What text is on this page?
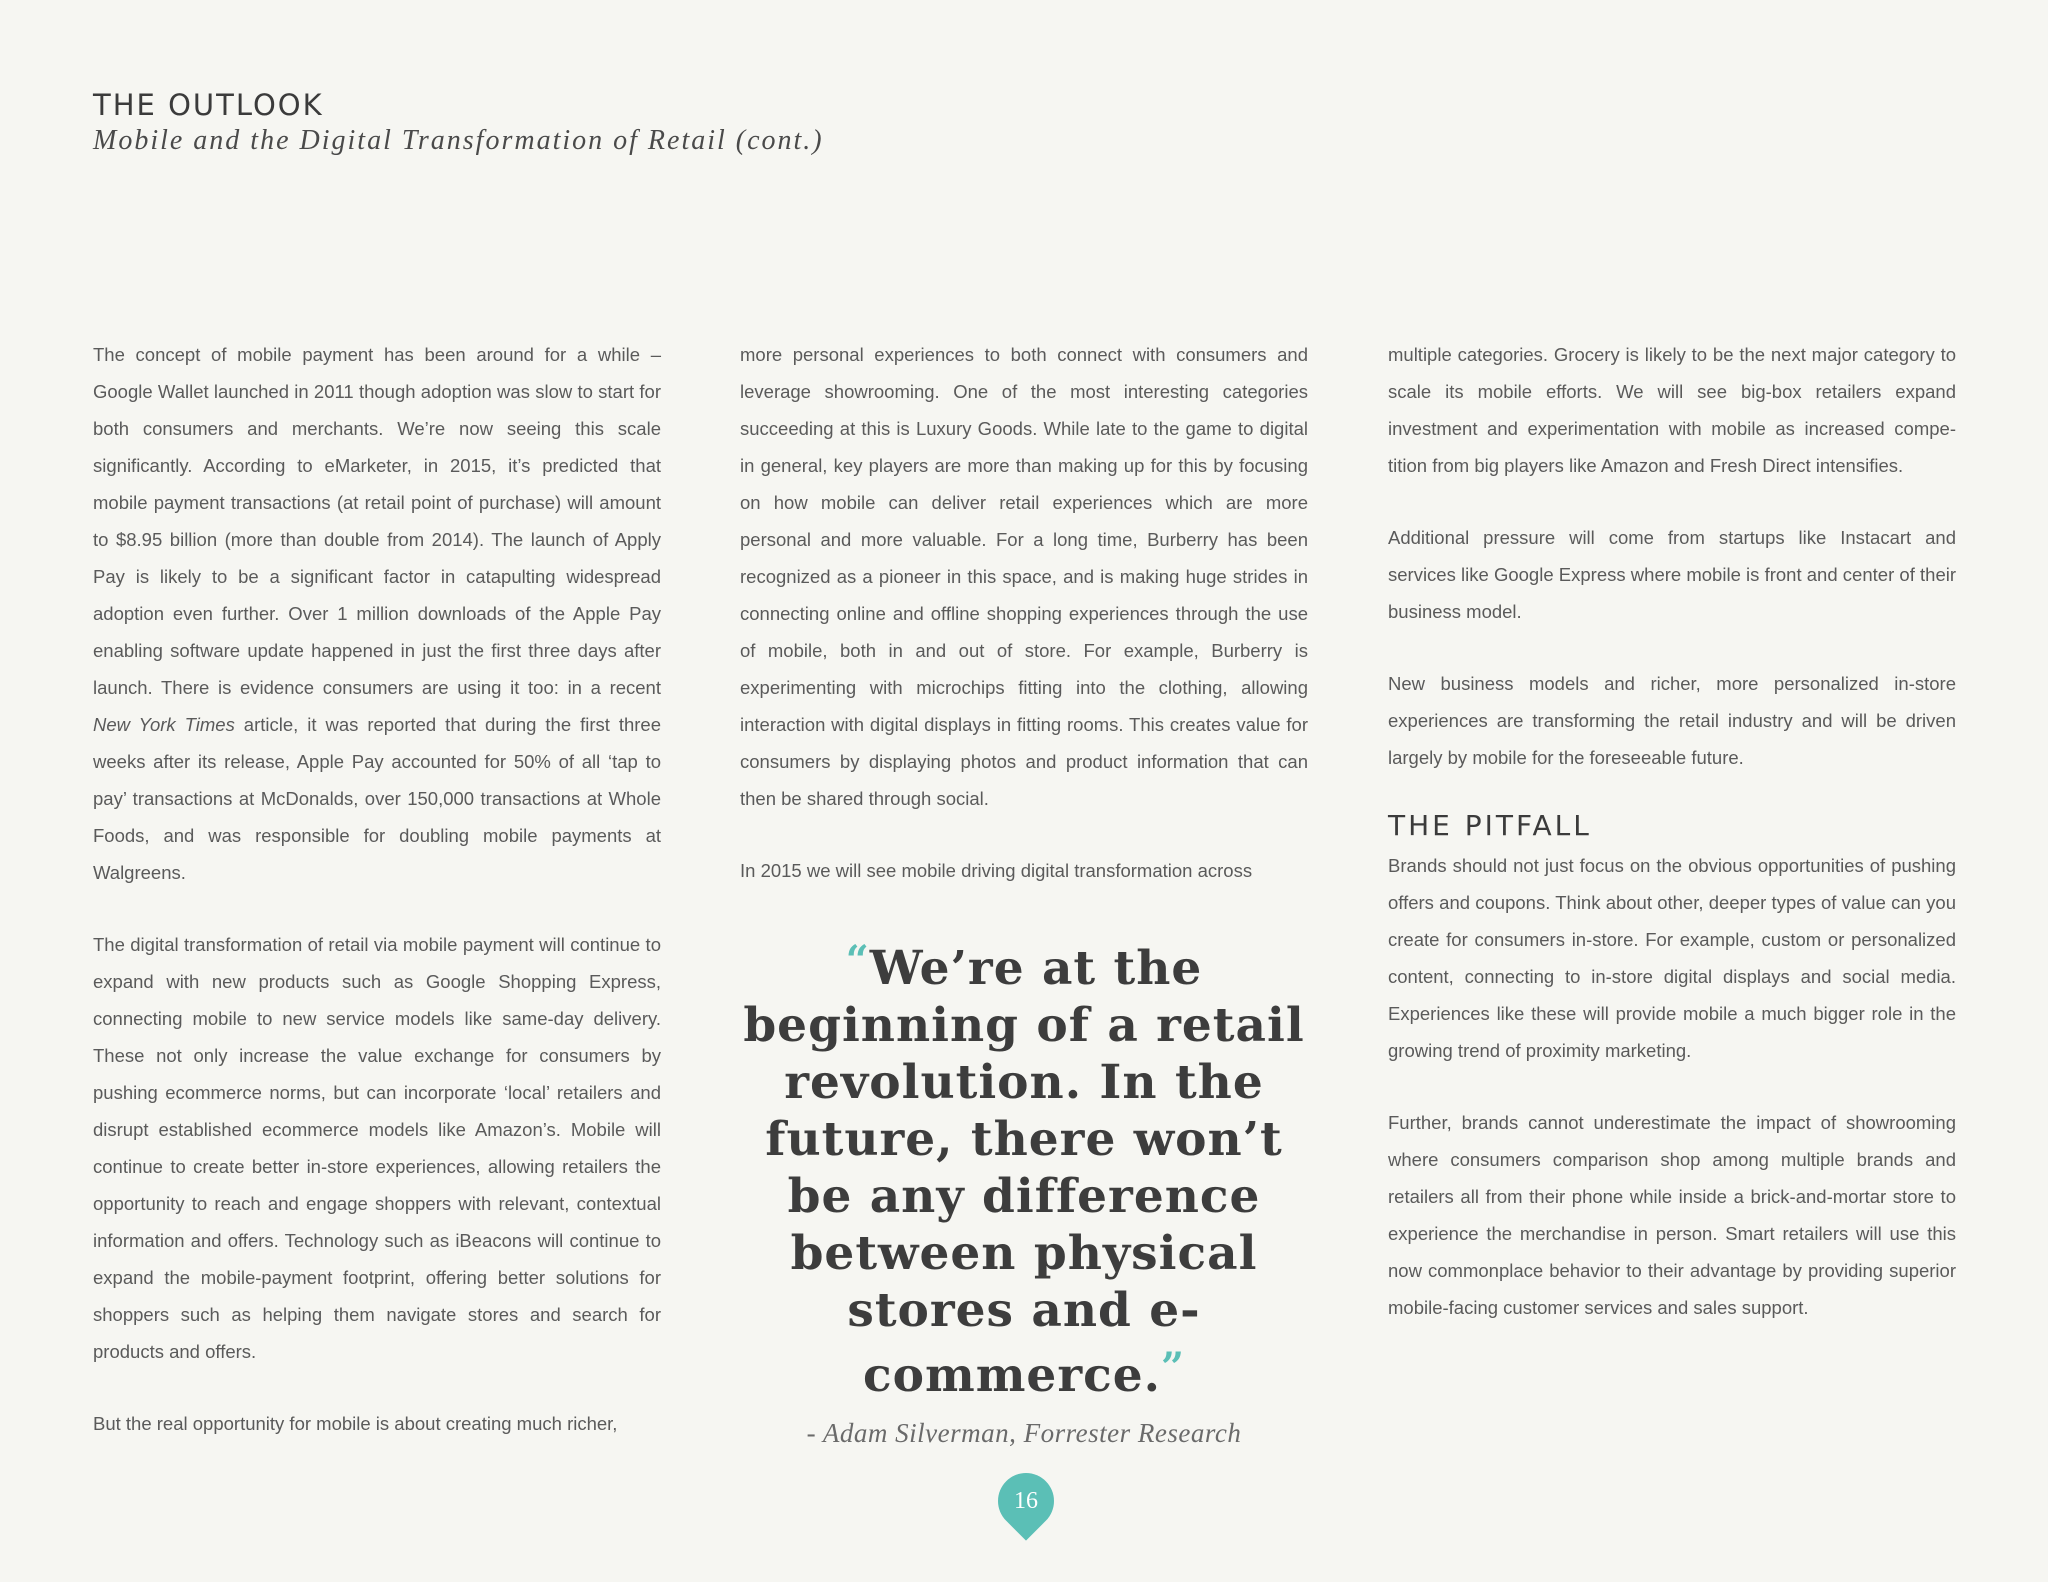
THE OUTLOOK
Mobile and the Digital Transformation of Retail (cont.)

The concept of mobile payment has been around for a while – Google Wallet launched in 2011 though adoption was slow to start for both consumers and merchants. We’re now seeing this scale significantly. According to eMarketer, in 2015, it’s predicted that mobile payment transactions (at retail point of purchase) will amount to $8.95 billion (more than double from 2014). The launch of Apply Pay is likely to be a significant factor in catapulting widespread adoption even further. Over 1 million downloads of the Apple Pay enabling software update happened in just the first three days after launch. There is evidence consumers are using it too: in a recent New York Times article, it was reported that during the first three weeks after its release, Apple Pay accounted for 50% of all ‘tap to pay’ transactions at McDonalds, over 150,000 transactions at Whole Foods, and was responsible for doubling mobile payments at Walgreens.

The digital transformation of retail via mobile payment will continue to expand with new products such as Google Shopping Express, connecting mobile to new service models like same-day delivery. These not only increase the value exchange for consumers by pushing ecommerce norms, but can incorporate ‘local’ retailers and disrupt established ecommerce models like Amazon’s. Mobile will continue to create better in-store experiences, allowing retailers the opportunity to reach and engage shoppers with relevant, contextual information and offers. Technology such as iBeacons will continue to expand the mobile-payment footprint, offering better solutions for shoppers such as helping them navigate stores and search for products and offers.

But the real opportunity for mobile is about creating much richer,

more personal experiences to both connect with consumers and leverage showrooming. One of the most interesting categories succeeding at this is Luxury Goods. While late to the game to digital in general, key players are more than making up for this by focusing on how mobile can deliver retail experiences which are more personal and more valuable. For a long time, Burberry has been recognized as a pioneer in this space, and is making huge strides in connecting online and offline shopping experiences through the use of mobile, both in and out of store. For example, Burberry is experimenting with microchips fitting into the clothing, allowing interaction with digital displays in fitting rooms. This creates value for consumers by displaying photos and product information that can then be shared through social.

In 2015 we will see mobile driving digital transformation across

“We’re at the beginning of a retail revolution. In the future, there won’t be any difference between physical stores and e-commerce.”
- Adam Silverman, Forrester Research

multiple categories. Grocery is likely to be the next major category to scale its mobile efforts. We will see big-box retailers expand investment and experimentation with mobile as increased compe-tition from big players like Amazon and Fresh Direct intensifies.

Additional pressure will come from startups like Instacart and services like Google Express where mobile is front and center of their business model.

New business models and richer, more personalized in-store experiences are transforming the retail industry and will be driven largely by mobile for the foreseeable future.

THE PITFALL

Brands should not just focus on the obvious opportunities of pushing offers and coupons. Think about other, deeper types of value can you create for consumers in-store. For example, custom or personalized content, connecting to in-store digital displays and social media. Experiences like these will provide mobile a much bigger role in the growing trend of proximity marketing.

Further, brands cannot underestimate the impact of showrooming where consumers comparison shop among multiple brands and retailers all from their phone while inside a brick-and-mortar store to experience the merchandise in person. Smart retailers will use this now commonplace behavior to their advantage by providing superior mobile-facing customer services and sales support.

16
